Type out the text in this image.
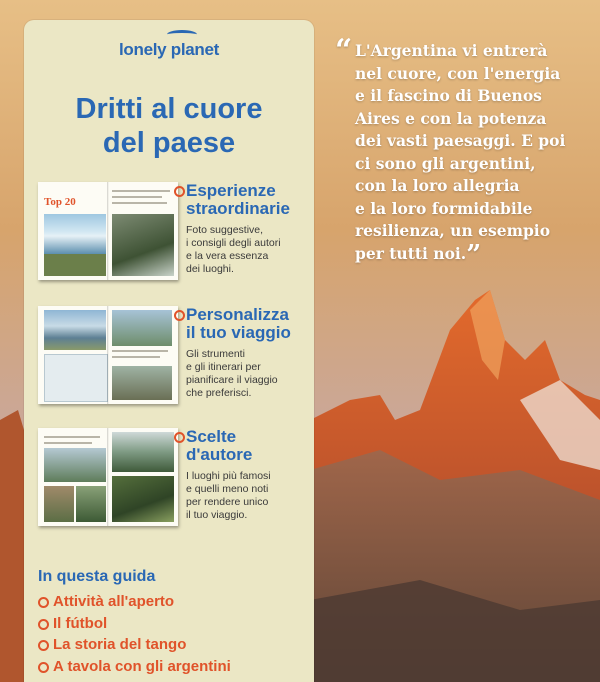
lonely planet
Dritti al cuore
del paese
Top 20
Esperienze
straordinarie
Foto suggestive,
i consigli degli autori
e la vera essenza
dei luoghi.
Personalizza
il tuo viaggio
Gli strumenti
e gli itinerari per
pianificare il viaggio
che preferisci.
Scelte
d'autore
I luoghi più famosi
e quelli meno noti
per rendere unico
il tuo viaggio.
In questa guida
Attività all'aperto
Il fútbol
La storia del tango
A tavola con gli argentini
“ L'Argentina vi entrerà
nel cuore, con l'energia
e il fascino di Buenos
Aires e con la potenza
dei vasti paesaggi. E poi
ci sono gli argentini,
con la loro allegria
e la loro formidabile
resilienza, un esempio
per tutti noi.”
